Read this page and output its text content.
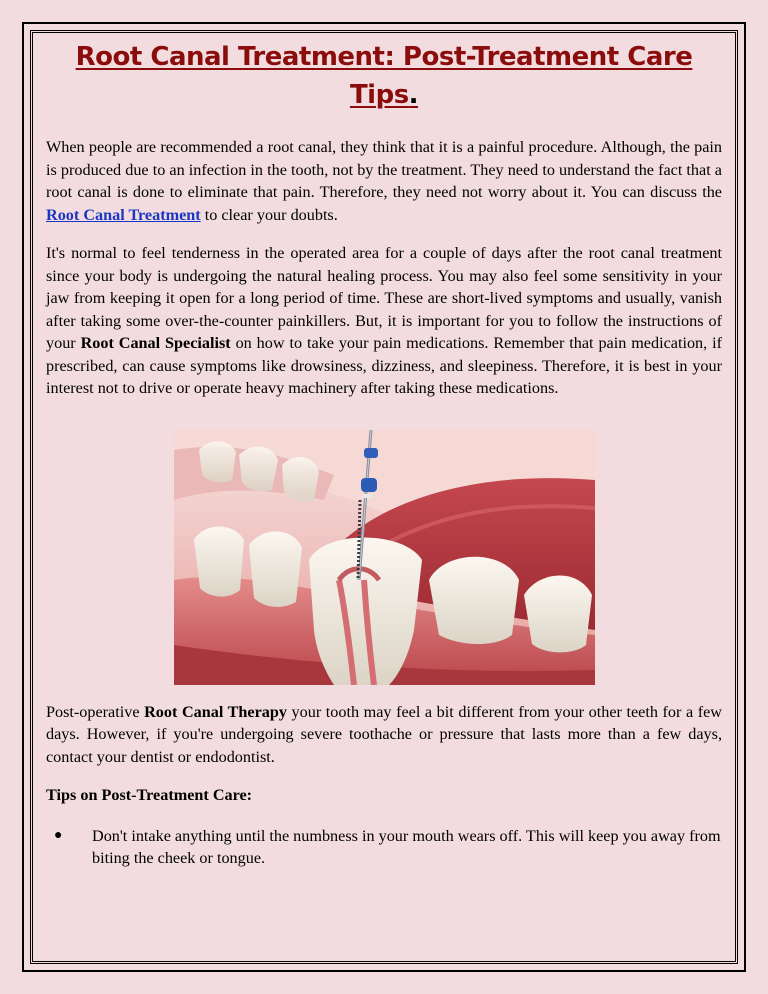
Root Canal Treatment: Post-Treatment Care Tips.

When people are recommended a root canal, they think that it is a painful procedure. Although, the pain is produced due to an infection in the tooth, not by the treatment. They need to understand the fact that a root canal is done to eliminate that pain. Therefore, they need not worry about it. You can discuss the Root Canal Treatment to clear your doubts.

It's normal to feel tenderness in the operated area for a couple of days after the root canal treatment since your body is undergoing the natural healing process. You may also feel some sensitivity in your jaw from keeping it open for a long period of time. These are short-lived symptoms and usually, vanish after taking some over-the-counter painkillers. But, it is important for you to follow the instructions of your Root Canal Specialist on how to take your pain medications. Remember that pain medication, if prescribed, can cause symptoms like drowsiness, dizziness, and sleepiness. Therefore, it is best in your interest not to drive or operate heavy machinery after taking these medications.

Post-operative Root Canal Therapy your tooth may feel a bit different from your other teeth for a few days. However, if you're undergoing severe toothache or pressure that lasts more than a few days, contact your dentist or endodontist.

Tips on Post-Treatment Care:

● Don't intake anything until the numbness in your mouth wears off. This will keep you away from biting the cheek or tongue.
